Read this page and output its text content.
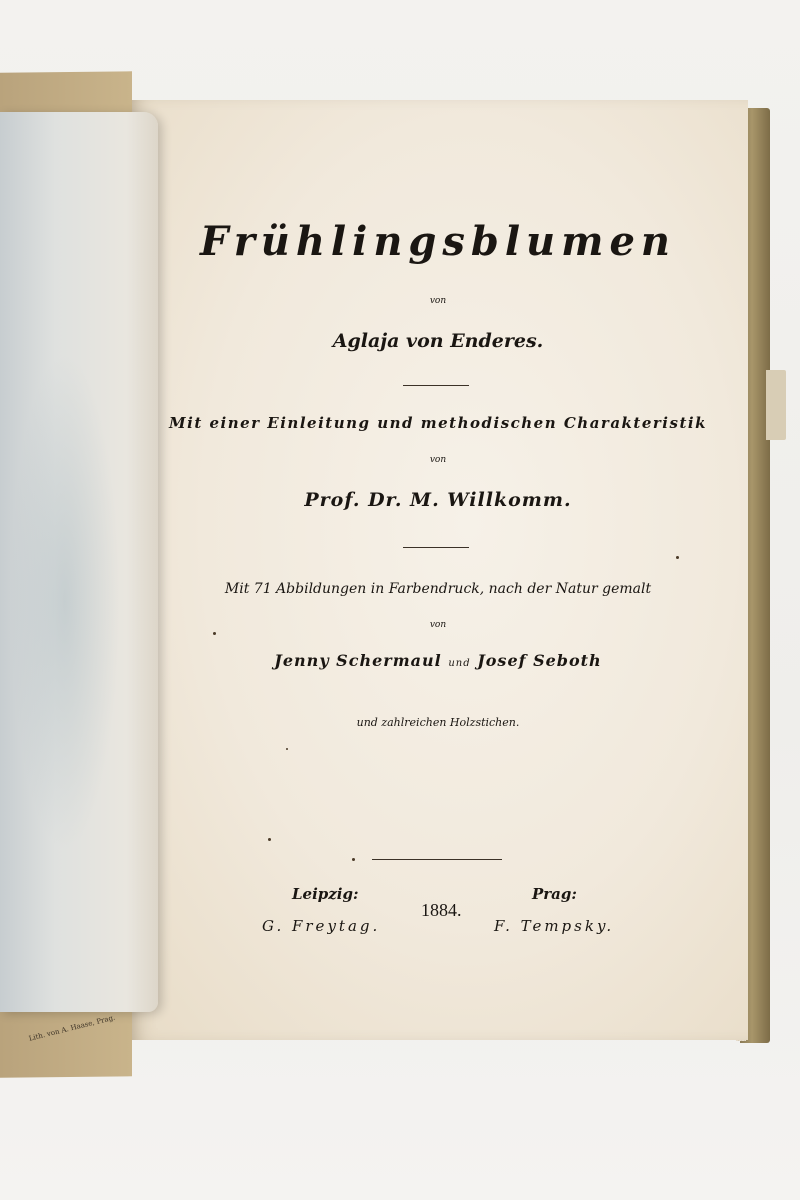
Lith. von A. Haase, Prag.
Frühlingsblumen
von
Aglaja von Enderes.
Mit einer Einleitung und methodischen Charakteristik
von
Prof. Dr. M. Willkomm.
Mit 71 Abbildungen in Farbendruck, nach der Natur gemalt
von
Jenny Schermaul und Josef Seboth
und zahlreichen Holzstichen.
Leipzig:
G. Freytag.
1884.
Prag:
F. Tempsky.
